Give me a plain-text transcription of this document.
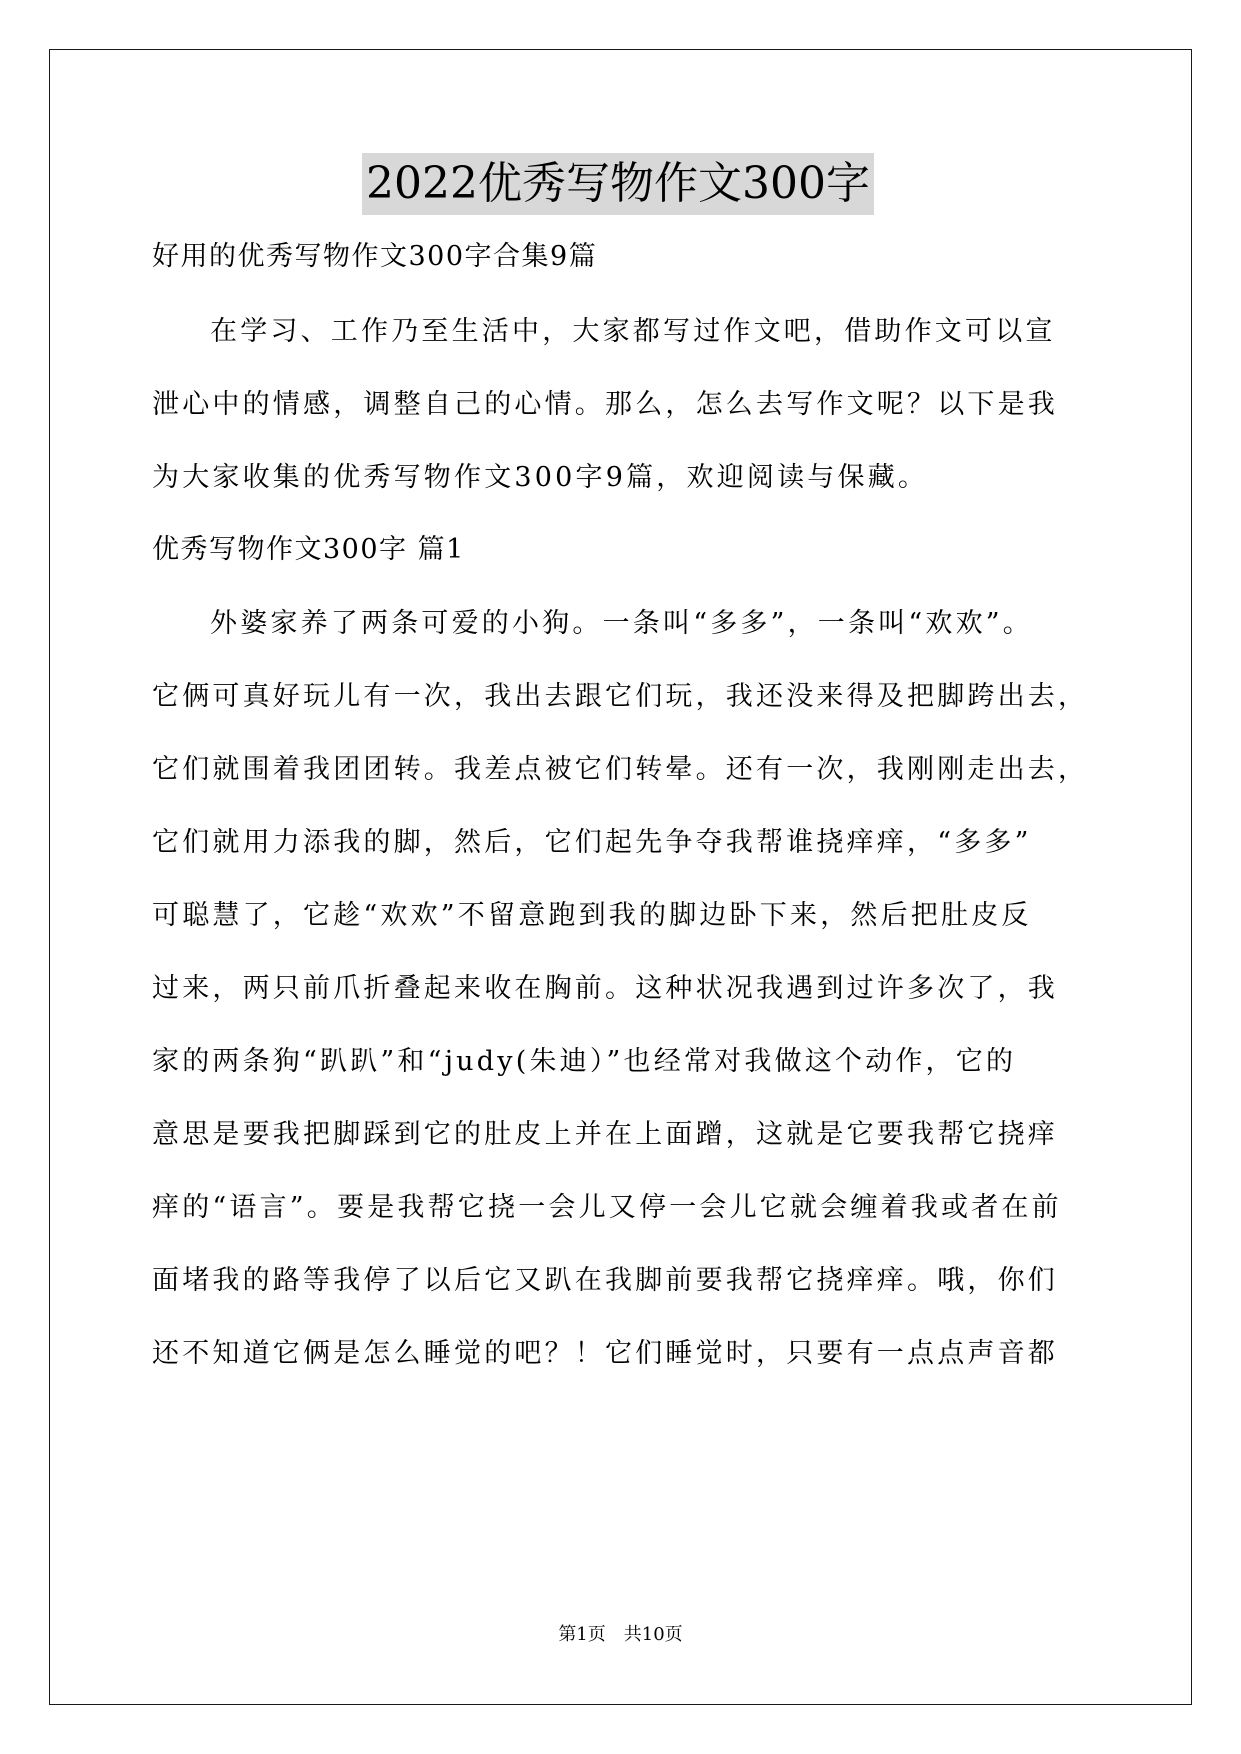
2022优秀写物作文300字
好用的优秀写物作文300字合集9篇
在学习、工作乃至生活中，大家都写过作文吧，借助作文可以宣
泄心中的情感，调整自己的心情。那么，怎么去写作文呢？以下是我
为大家收集的优秀写物作文300字9篇，欢迎阅读与保藏。
优秀写物作文300字 篇1
外婆家养了两条可爱的小狗。一条叫“多多”，一条叫“欢欢”。
它俩可真好玩儿有一次，我出去跟它们玩，我还没来得及把脚跨出去，
它们就围着我团团转。我差点被它们转晕。还有一次，我刚刚走出去，
它们就用力添我的脚，然后，它们起先争夺我帮谁挠痒痒，“多多”
可聪慧了，它趁“欢欢”不留意跑到我的脚边卧下来，然后把肚皮反
过来，两只前爪折叠起来收在胸前。这种状况我遇到过许多次了，我
家的两条狗“趴趴”和“judy(朱迪）”也经常对我做这个动作，它的
意思是要我把脚踩到它的肚皮上并在上面蹭，这就是它要我帮它挠痒
痒的“语言”。要是我帮它挠一会儿又停一会儿它就会缠着我或者在前
面堵我的路等我停了以后它又趴在我脚前要我帮它挠痒痒。哦，你们
还不知道它俩是怎么睡觉的吧？！它们睡觉时，只要有一点点声音都
第1页　共10页
